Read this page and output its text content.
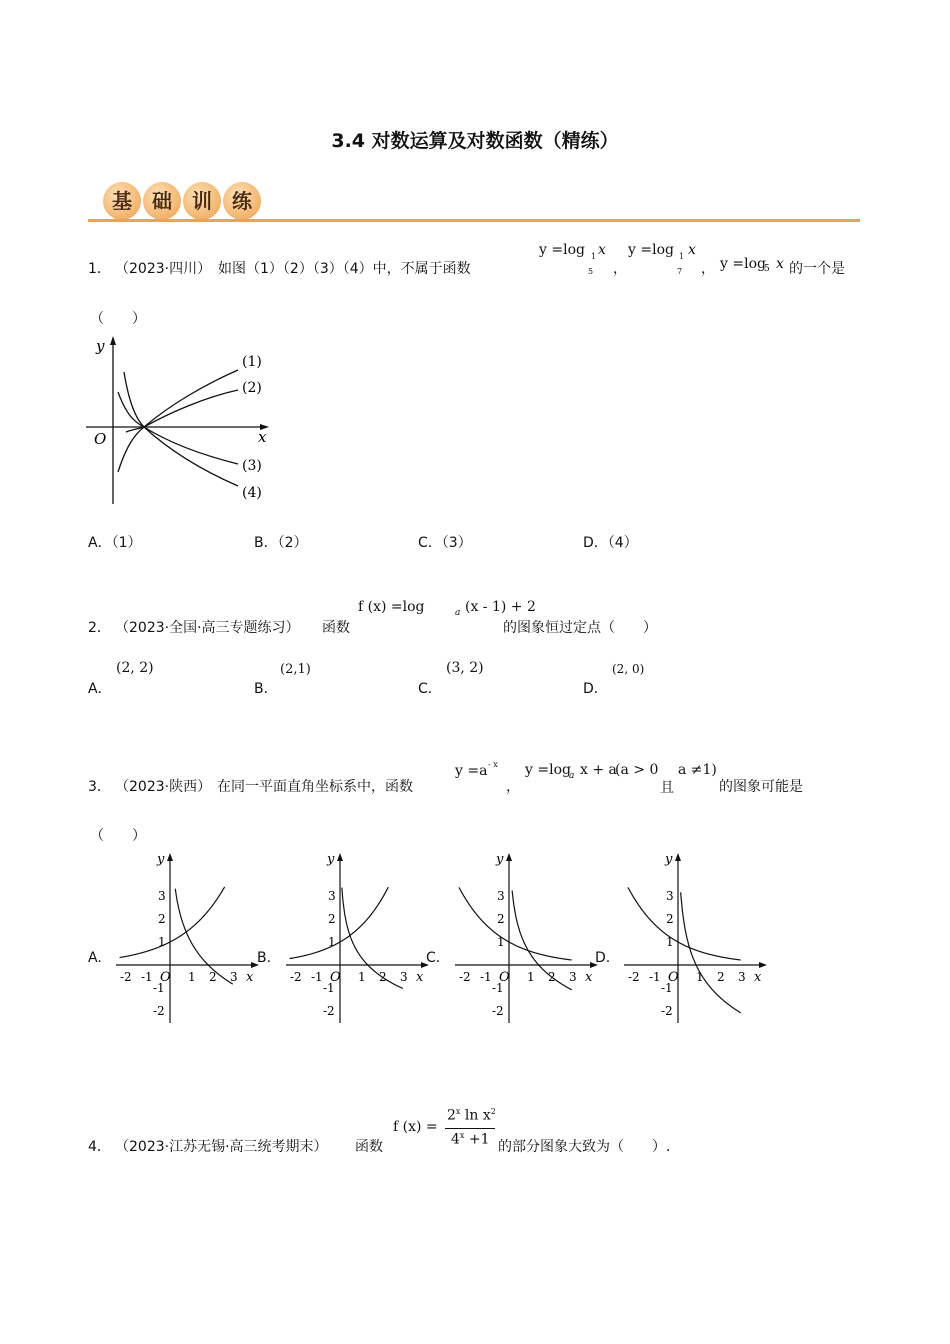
3.4 对数运算及对数函数（精练）
基	础	训	练
1． （2023·四川） 如图（1）（2）（3）（4）中，不属于函数
y =log 1
5
x
，
y =log 1
7
x
， y =log
5 x 的一个是
（　　）
y
x
O
(1)
(2)
(3)
(4)
A．（1）	B．（2）	C．（3）	D．（4）
2． （2023·全国·高三专题练习） 函数
f (x) =log	a (x - 1) + 2
的图象恒过定点（　　）
A．
(2, 2)
B．
(2,1)
C．
(3, 2)
D．
(2, 0)
3． （2023·陕西） 在同一平面直角坐标系中，函数
y =a - x
，
y =log
a x + a
(a > 0
且
a ≠1)
的图象可能是
（　　）
A.	B.	C.	D.
-2 -1	1 2 3
3
2
1
-1
-2
y
x
O	-2 -1	1 2 3
3
2
1
-1
-2
y
x
O	-2 -1	1 2 3
3
2
1
-1
-2
y
x
O	-2 -1	1 2 3
3
2
1
-1
-2
y
x
O
4． （2023·江苏无锡·高三统考期末） 函数
f (x) =
$2^x$ $\ln x^2$
$4^x +1$ 的部分图象大致为（　　）.
